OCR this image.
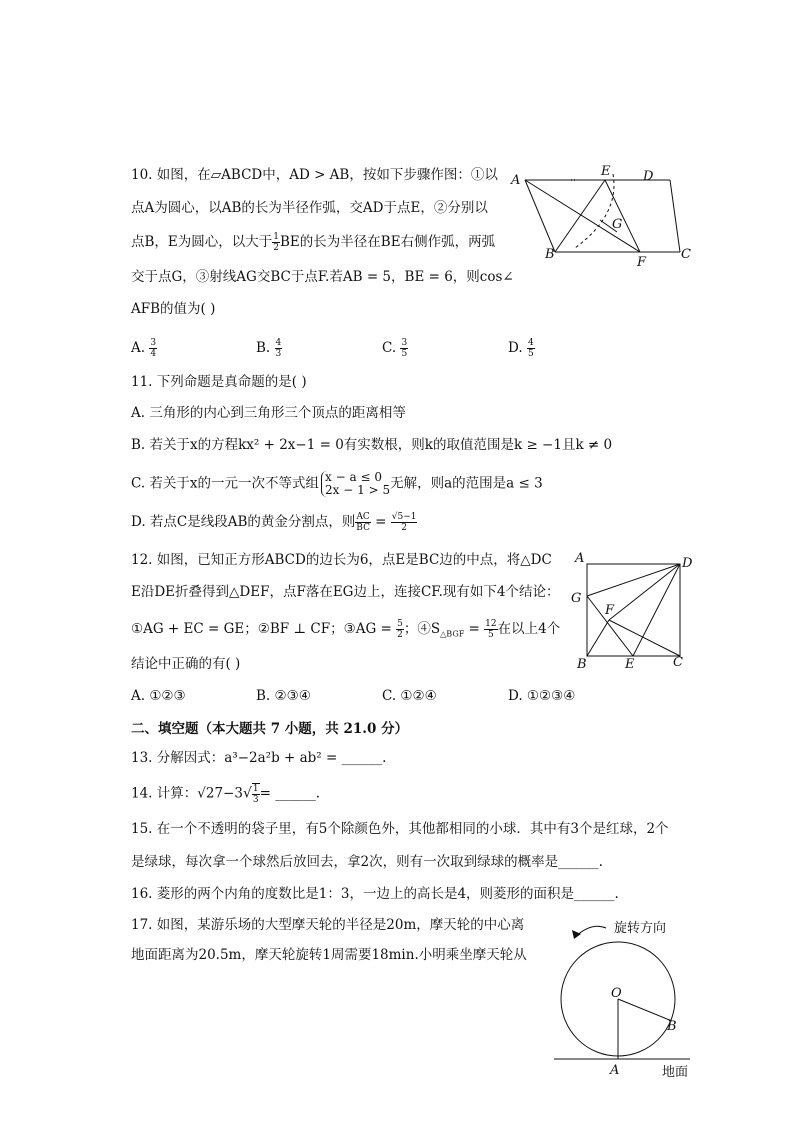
10. 如图，在▱ABCD中，AD > AB，按如下步骤作图：①以
点A为圆心，以AB的长为半径作弧，交AD于点E，②分别以
点B，E为圆心，以大于 $\frac{1}{2}$ BE的长为半径在BE右侧作弧，两弧
交于点G，③射线AG交BC于点F.若AB = 5，BE = 6，则cos∠
AFB的值为( )
A. $\frac{3}{4}$	B. $\frac{4}{3}$	C. $\frac{3}{5}$	D. $\frac{4}{5}$
A
E	D
G
B
F
C
11. 下列命题是真命题的是( )
A. 三角形的内心到三角形三个顶点的距离相等
B. 若关于x的方程kx² + 2x−1 = 0有实数根，则k的取值范围是k ≥ −1且k ≠ 0
C. 若关于x的一元一次不等式组 x − a ≤ 0
2x − 1 > 5 无解，则a的范围是a ≤ 3
D. 若点C是线段AB的黄金分割点，则 $\frac{AC}{BC} = \frac{√5-1}{2}$
12. 如图，已知正方形ABCD的边长为6，点E是BC边的中点，将△DC
E沿DE折叠得到△DEF，点F落在EG边上，连接CF.现有如下4个结论：
①AG + EC = GE；②BF ⊥ CF；③AG = $\frac{5}{2}$ ；$④S_{\triangle BGF} = \frac{12}{5}$ 在以上4个
结论中正确的有( )
A. ①②③	B. ②③④	C. ①②④	D. ①②③④
A	D
G
F
B	E	C
二、填空题（本大题共 7 小题，共 21.0 分）
13. 分解因式：a³−2a²b + ab² = ______.
14. 计算：$√27-3√ \frac{1}{3}$ = ______.
15. 在一个不透明的袋子里，有5个除颜色外，其他都相同的小球．其中有3个是红球，2个
是绿球，每次拿一个球然后放回去，拿2次，则有一次取到绿球的概率是______.
16. 菱形的两个内角的度数比是1：3，一边上的高长是4，则菱形的面积是______.
17. 如图，某游乐场的大型摩天轮的半径是20m，摩天轮的中心离
地面距离为20.5m，摩天轮旋转1周需要18min.小明乘坐摩天轮从
旋转方向
O
B
A	地面
